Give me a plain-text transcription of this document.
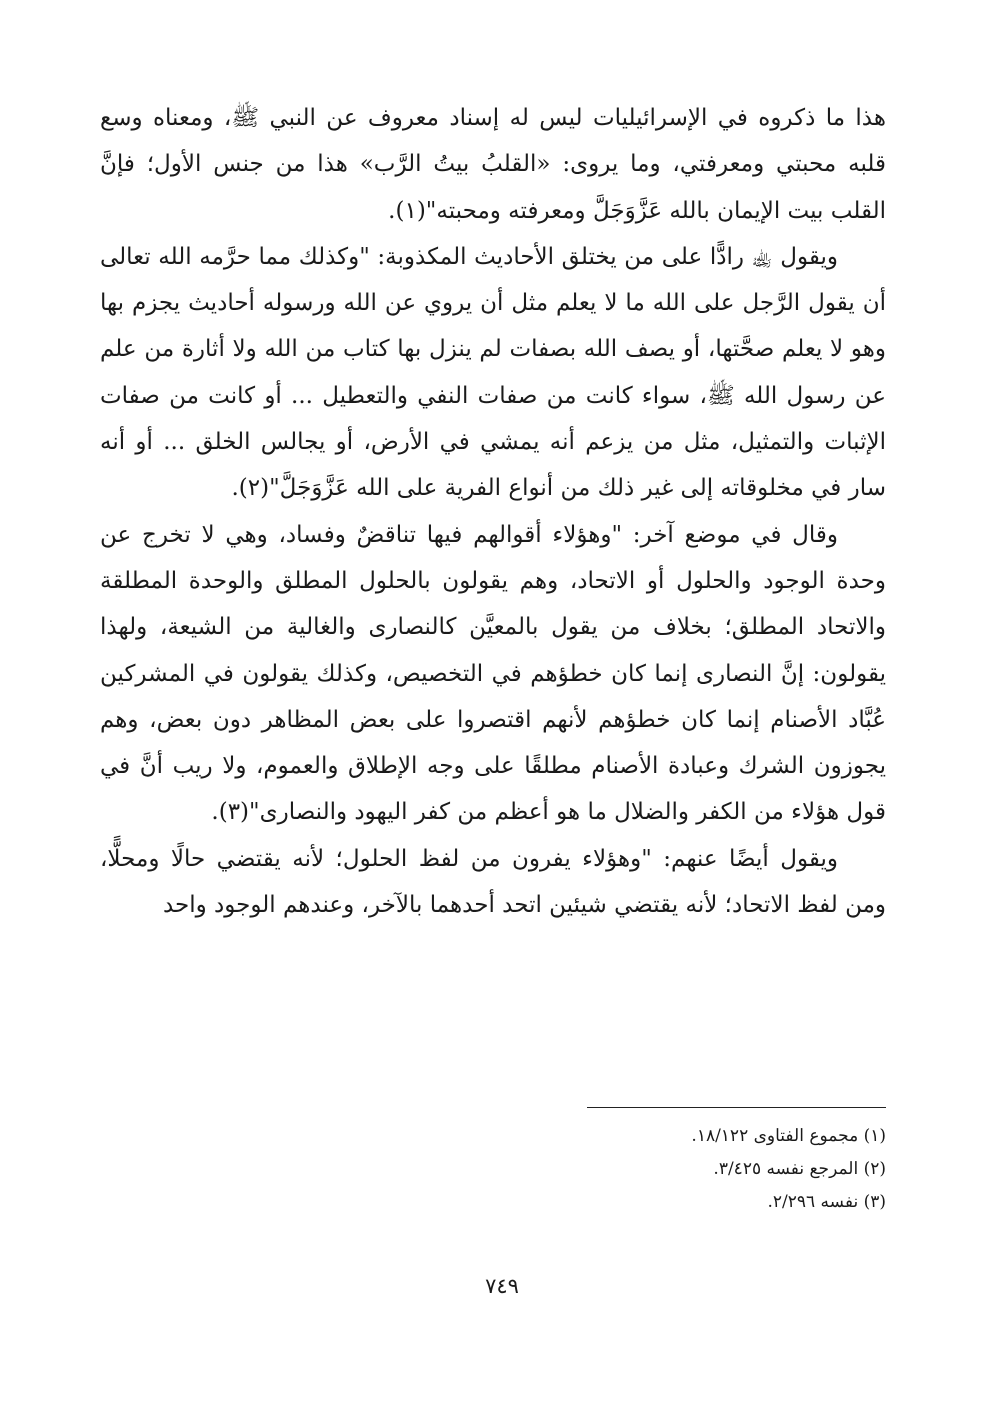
هذا ما ذكروه في الإسرائيليات ليس له إسناد معروف عن النبي ﷺ، ومعناه وسع قلبه محبتي ومعرفتي، وما يروى: «القلبُ بيتُ الرَّب» هذا من جنس الأول؛ فإنَّ القلب بيت الإيمان بالله عَزَّوَجَلَّ ومعرفته ومحبته"(١).

ويقول ﵀ رادًّا على من يختلق الأحاديث المكذوبة: "وكذلك مما حرَّمه الله تعالى أن يقول الرَّجل على الله ما لا يعلم مثل أن يروي عن الله ورسوله أحاديث يجزم بها وهو لا يعلم صحَّتها، أو يصف الله بصفات لم ينزل بها كتاب من الله ولا أثارة من علم عن رسول الله ﷺ، سواء كانت من صفات النفي والتعطيل ... أو كانت من صفات الإثبات والتمثيل، مثل من يزعم أنه يمشي في الأرض، أو يجالس الخلق ... أو أنه سار في مخلوقاته إلى غير ذلك من أنواع الفرية على الله عَزَّوَجَلَّ"(٢).

وقال في موضع آخر: "وهؤلاء أقوالهم فيها تناقضٌ وفساد، وهي لا تخرج عن وحدة الوجود والحلول أو الاتحاد، وهم يقولون بالحلول المطلق والوحدة المطلقة والاتحاد المطلق؛ بخلاف من يقول بالمعيَّن كالنصارى والغالية من الشيعة، ولهذا يقولون: إنَّ النصارى إنما كان خطؤهم في التخصيص، وكذلك يقولون في المشركين عُبَّاد الأصنام إنما كان خطؤهم لأنهم اقتصروا على بعض المظاهر دون بعض، وهم يجوزون الشرك وعبادة الأصنام مطلقًا على وجه الإطلاق والعموم، ولا ريب أنَّ في قول هؤلاء من الكفر والضلال ما هو أعظم من كفر اليهود والنصارى"(٣).

ويقول أيضًا عنهم: "وهؤلاء يفرون من لفظ الحلول؛ لأنه يقتضي حالًا ومحلًّا، ومن لفظ الاتحاد؛ لأنه يقتضي شيئين اتحد أحدهما بالآخر، وعندهم الوجود واحد

(١) مجموع الفتاوى ١٨/١٢٢.

(٢) المرجع نفسه ٣/٤٢٥.

(٣) نفسه ٢/٢٩٦.

٧٤٩
